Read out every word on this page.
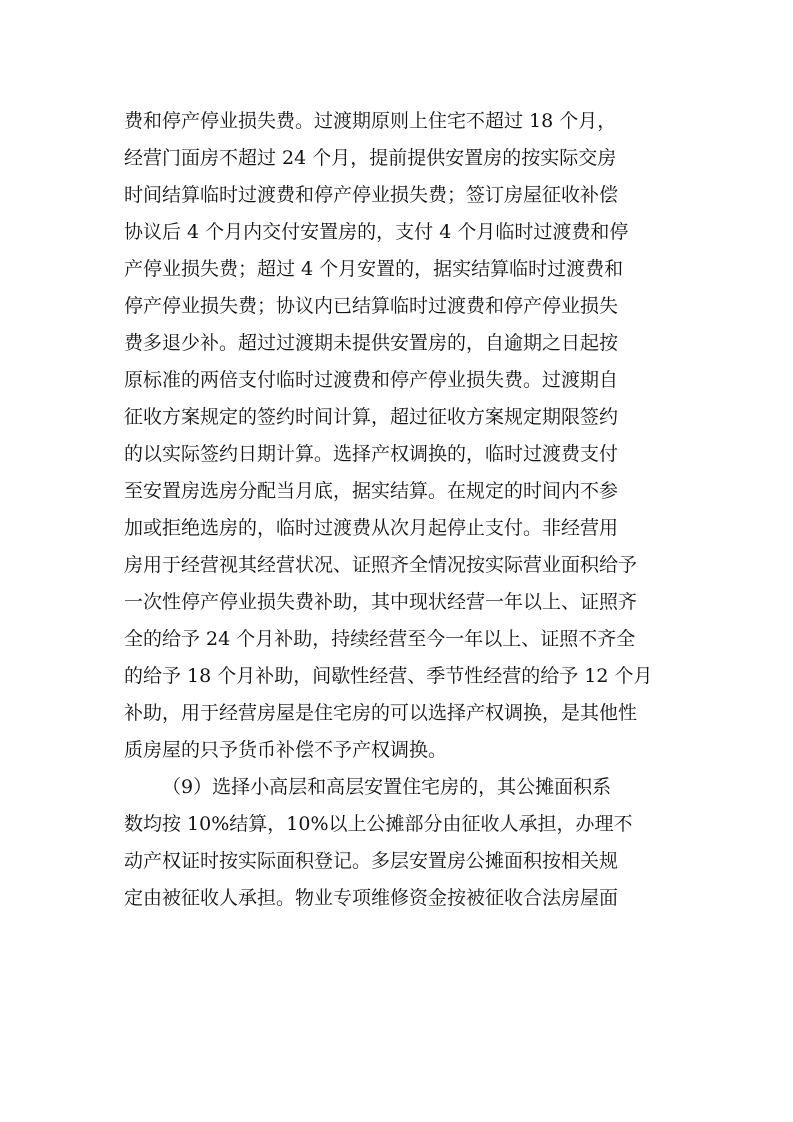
费和停产停业损失费。过渡期原则上住宅不超过 18 个月，
经营门面房不超过 24 个月，提前提供安置房的按实际交房
时间结算临时过渡费和停产停业损失费；签订房屋征收补偿
协议后 4 个月内交付安置房的，支付 4 个月临时过渡费和停
产停业损失费；超过 4 个月安置的，据实结算临时过渡费和
停产停业损失费；协议内已结算临时过渡费和停产停业损失
费多退少补。超过过渡期未提供安置房的，自逾期之日起按
原标准的两倍支付临时过渡费和停产停业损失费。过渡期自
征收方案规定的签约时间计算，超过征收方案规定期限签约
的以实际签约日期计算。选择产权调换的，临时过渡费支付
至安置房选房分配当月底，据实结算。在规定的时间内不参
加或拒绝选房的，临时过渡费从次月起停止支付。非经营用
房用于经营视其经营状况、证照齐全情况按实际营业面积给予
一次性停产停业损失费补助，其中现状经营一年以上、证照齐
全的给予 24 个月补助，持续经营至今一年以上、证照不齐全
的给予 18 个月补助，间歇性经营、季节性经营的给予 12 个月
补助，用于经营房屋是住宅房的可以选择产权调换，是其他性
质房屋的只予货币补偿不予产权调换。
（9）选择小高层和高层安置住宅房的，其公摊面积系
数均按 10%结算，10%以上公摊部分由征收人承担，办理不
动产权证时按实际面积登记。多层安置房公摊面积按相关规
定由被征收人承担。物业专项维修资金按被征收合法房屋面
